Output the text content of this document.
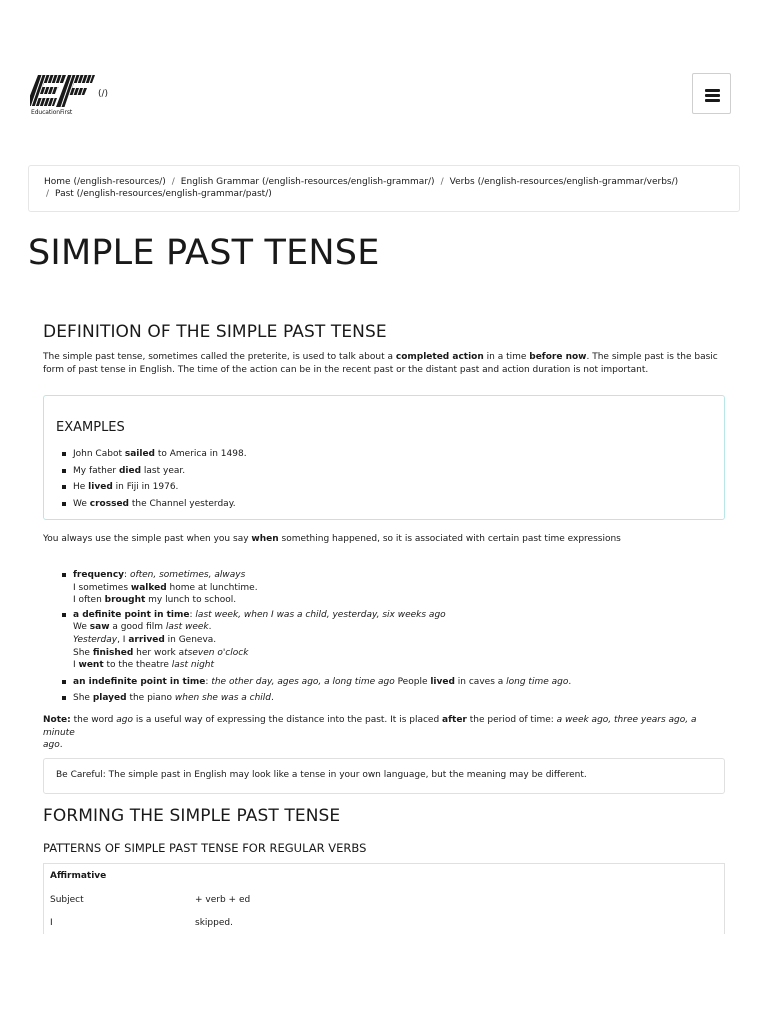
EducationFirst
(/)
Home (/english-resources/) / English Grammar (/english-resources/english-grammar/) / Verbs (/english-resources/english-grammar/verbs/)
/ Past (/english-resources/english-grammar/past/)
SIMPLE PAST TENSE
DEFINITION OF THE SIMPLE PAST TENSE

The simple past tense, sometimes called the preterite, is used to talk about a completed action in a time before now. The simple past is the basic
form of past tense in English. The time of the action can be in the recent past or the distant past and action duration is not important.

EXAMPLES
John Cabot sailed to America in 1498.
My father died last year.
He lived in Fiji in 1976.
We crossed the Channel yesterday.

You always use the simple past when you say when something happened, so it is associated with certain past time expressions

frequency: often, sometimes, always
I sometimes walked home at lunchtime.
I often brought my lunch to school.
a definite point in time: last week, when I was a child, yesterday, six weeks ago
We saw a good film last week.
Yesterday, I arrived in Geneva.
She finished her work atseven o'clock
I went to the theatre last night
an indefinite point in time: the other day, ages ago, a long time ago People lived in caves a long time ago.
She played the piano when she was a child.

Note: the word ago is a useful way of expressing the distance into the past. It is placed after the period of time: a week ago, three years ago, a minute
ago.

Be Careful: The simple past in English may look like a tense in your own language, but the meaning may be different.
FORMING THE SIMPLE PAST TENSE
PATTERNS OF SIMPLE PAST TENSE FOR REGULAR VERBS
Affirmative
Subject	+ verb + ed
I	skipped.
